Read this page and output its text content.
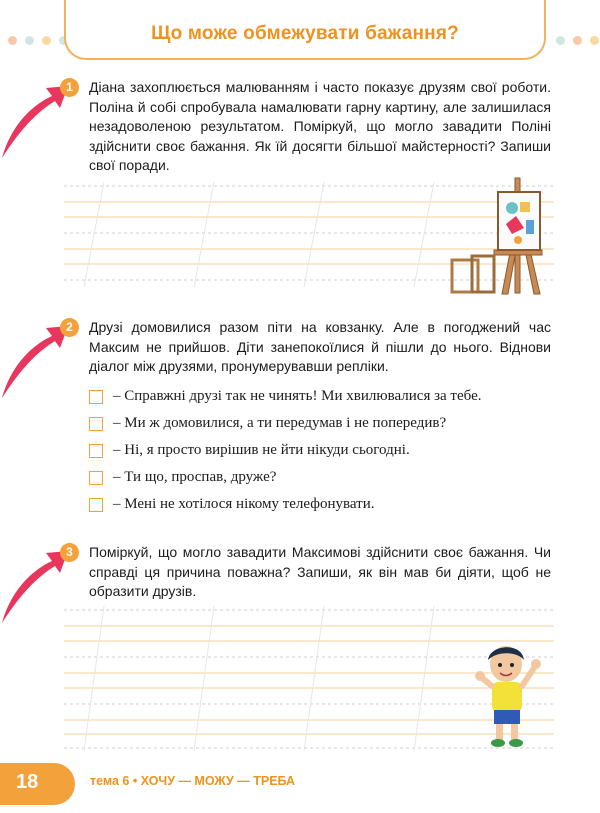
Що може обмежувати бажання?
1	Діана захоплюється малюванням і часто показує друзям свої роботи. Поліна й собі спробувала намалювати гарну картину, але залишилася незадоволеною результатом. Поміркуй, що могло завадити Поліні здійснити своє бажання. Як їй досягти більшої майстерності? Запиши свої поради.
2	Друзі домовилися разом піти на ковзанку. Але в погоджений час Максим не прийшов. Діти занепокоїлися й пішли до нього. Віднови діалог між друзями, пронумерувавши репліки.
– Справжні друзі так не чинять! Ми хвилювалися за тебе.
– Ми ж домовилися, а ти передумав і не попередив?
– Ні, я просто вирішив не йти нікуди сьогодні.
– Ти що, проспав, друже?
– Мені не хотілося нікому телефонувати.
3	Поміркуй, що могло завадити Максимові здійснити своє бажання. Чи справді ця причина поважна? Запиши, як він мав би діяти, щоб не образити друзів.
18	тема 6 • ХОЧУ — МОЖУ — ТРЕБА
